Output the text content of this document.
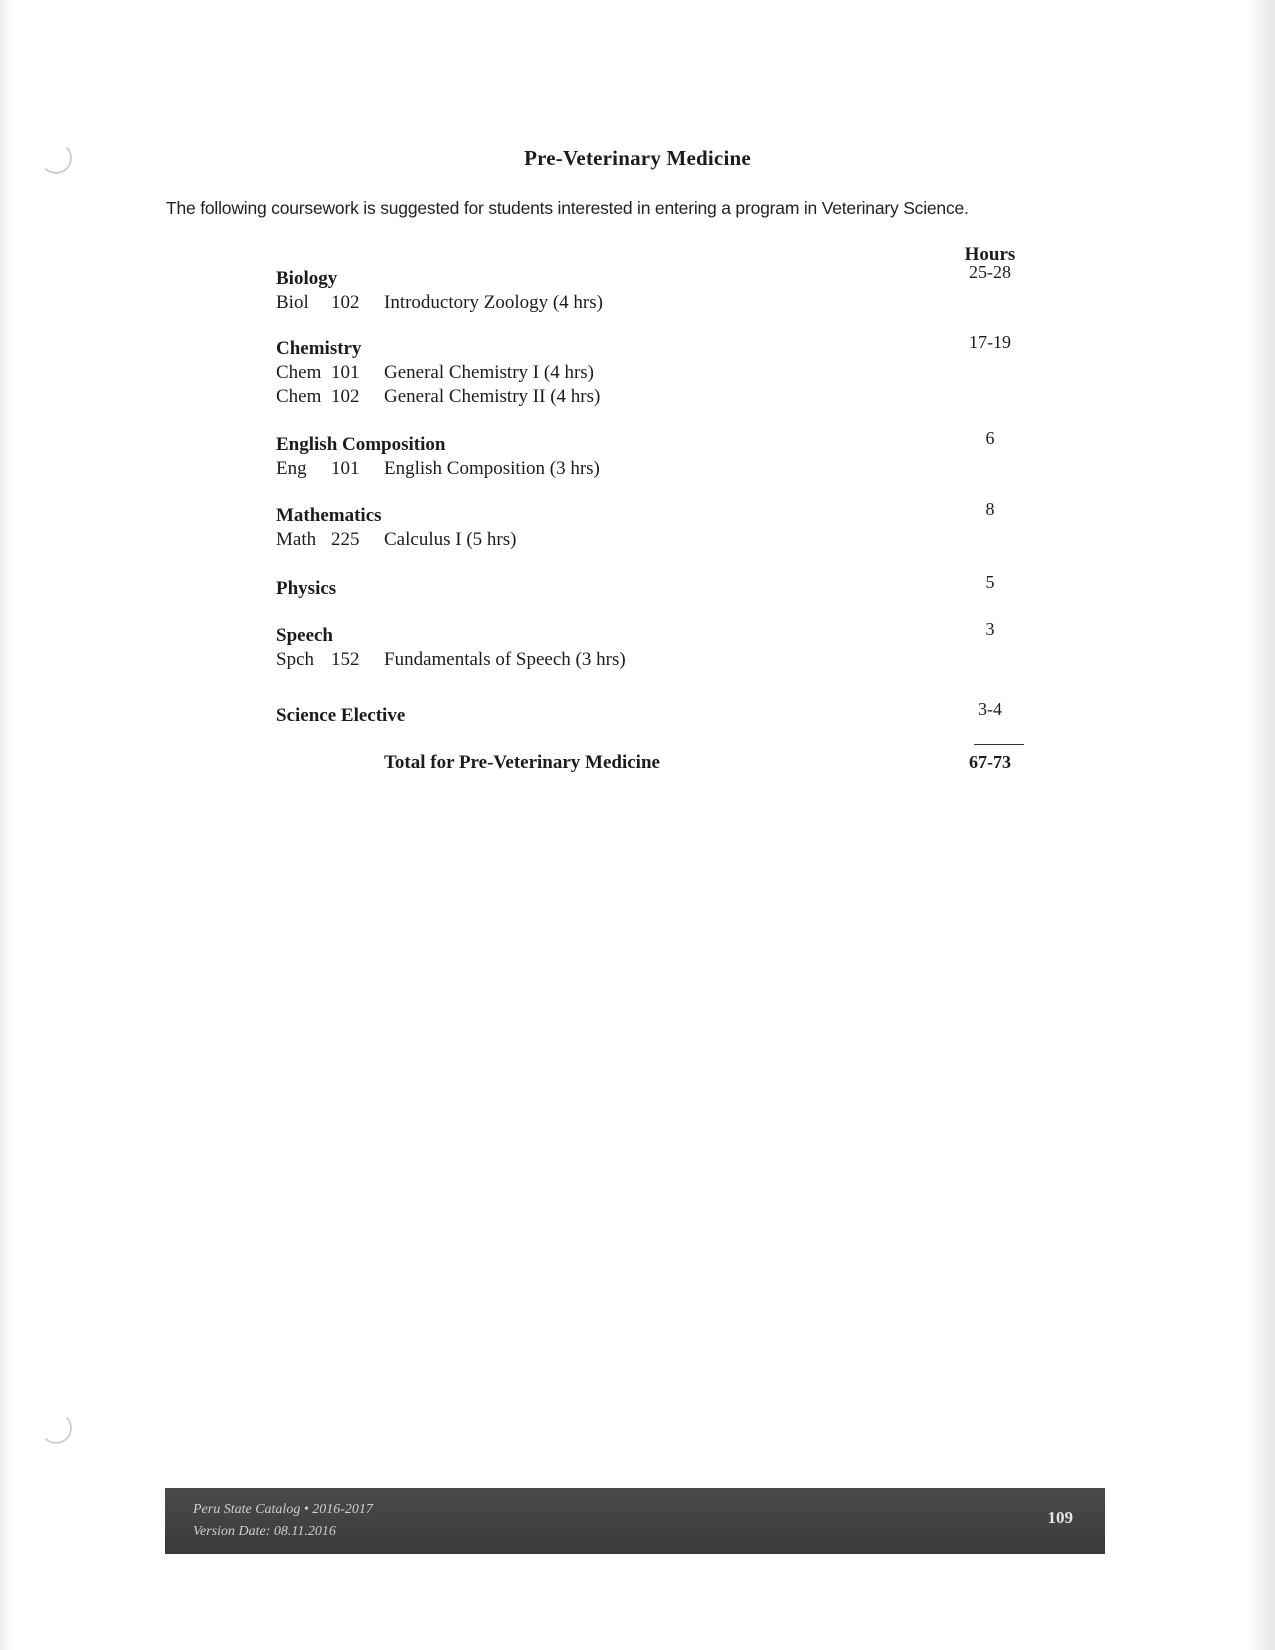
Pre-Veterinary Medicine
The following coursework is suggested for students interested in entering a program in Veterinary Science.
Hours
Biology	25-28
Biol 102 Introductory Zoology (4 hrs)
Chemistry	17-19
Chem 101 General Chemistry I (4 hrs)
Chem 102 General Chemistry II (4 hrs)
English Composition	6
Eng 101 English Composition (3 hrs)
Mathematics	8
Math 225 Calculus I (5 hrs)
Physics	5
Speech	3
Spch 152 Fundamentals of Speech (3 hrs)
Science Elective	3-4
Total for Pre-Veterinary Medicine	67-73
Peru State Catalog • 2016-2017
Version Date: 08.11.2016
109
